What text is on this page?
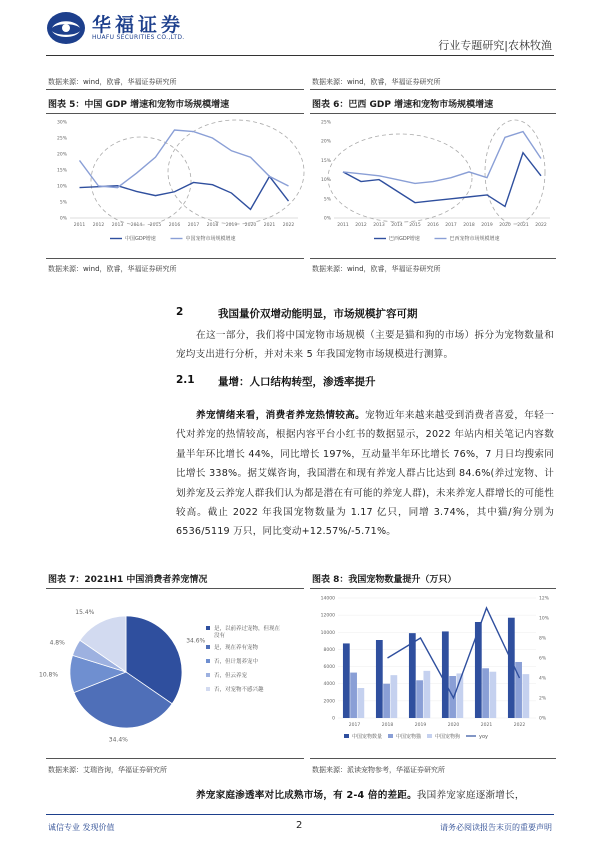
华福证券
HUAFU SECURITIES CO.,LTD.
行业专题研究|农林牧渔
数据来源：wind，欧睿，华福证券研究所	数据来源：wind，欧睿，华福证券研究所
图表 5：中国 GDP 增速和宠物市场规模增速
0%
5%
10%
15%
20%
25%
30%
2011 2012 2013 2014 2015 2016 2017 2018 2019 2020 2021 2022
中国GDP增速	中国宠物市场规模增速
数据来源：wind，欧睿，华福证券研究所
图表 6：巴西 GDP 增速和宠物市场规模增速
0%
5%
10%
15%
20%
25%
2011 2012 2013 2014 2015 2016 2017 2018 2019 2020 2021 2022
巴西GDP增速	巴西宠物市场规模增速
数据来源：wind，欧睿，华福证券研究所
2	我国量价双增动能明显，市场规模扩容可期
在这一部分，我们将中国宠物市场规模（主要是猫和狗的市场）拆分为宠物数量和宠均支出进行分析，并对未来 5 年我国宠物市场规模进行测算。
2.1 量增：人口结构转型，渗透率提升
养宠情绪来看，消费者养宠热情较高。宠物近年来越来越受到消费者喜爱，年轻一代对养宠的热情较高，根据内容平台小红书的数据显示，2022 年站内相关笔记内容数量半年环比增长 44%，同比增长 197%，互动量半年环比增长 76%，7 月日均搜索同比增长 338%。据艾媒咨询，我国潜在和现有养宠人群占比达到 84.6%(养过宠物、计划养宠及云养宠人群我们认为都是潜在有可能的养宠人群)，未来养宠人群增长的可能性较高。截止 2022 年我国宠物数量为 1.17 亿只，同增 3.74%，其中猫/狗分别为 6536/5119 万只，同比变动+12.57%/-5.71%。
图表 7：2021H1 中国消费者养宠情况
34.6%
34.4%
10.8%
4.8%
15.4%
是，以前养过宠物，但现在
没有
是，现在养有宠物
否，但计划养宠中
否，但云养宠
否，对宠物不感兴趣
数据来源：艾瑞咨询，华福证券研究所
图表 8：我国宠物数量提升（万只）
0
2000
4000
6000
8000
10000
12000
14000
0%
2%
4%
6%
8%
10%
12%
2017	2018	2019	2020	2021	2022
中国宠物数量	中国宠物猫	中国宠物狗	yoy
数据来源：派读宠物参考，华福证券研究所
养宠家庭渗透率对比成熟市场，有 2-4 倍的差距。我国养宠家庭逐渐增长，
诚信专业 发现价值	2	请务必阅读报告末页的重要声明
